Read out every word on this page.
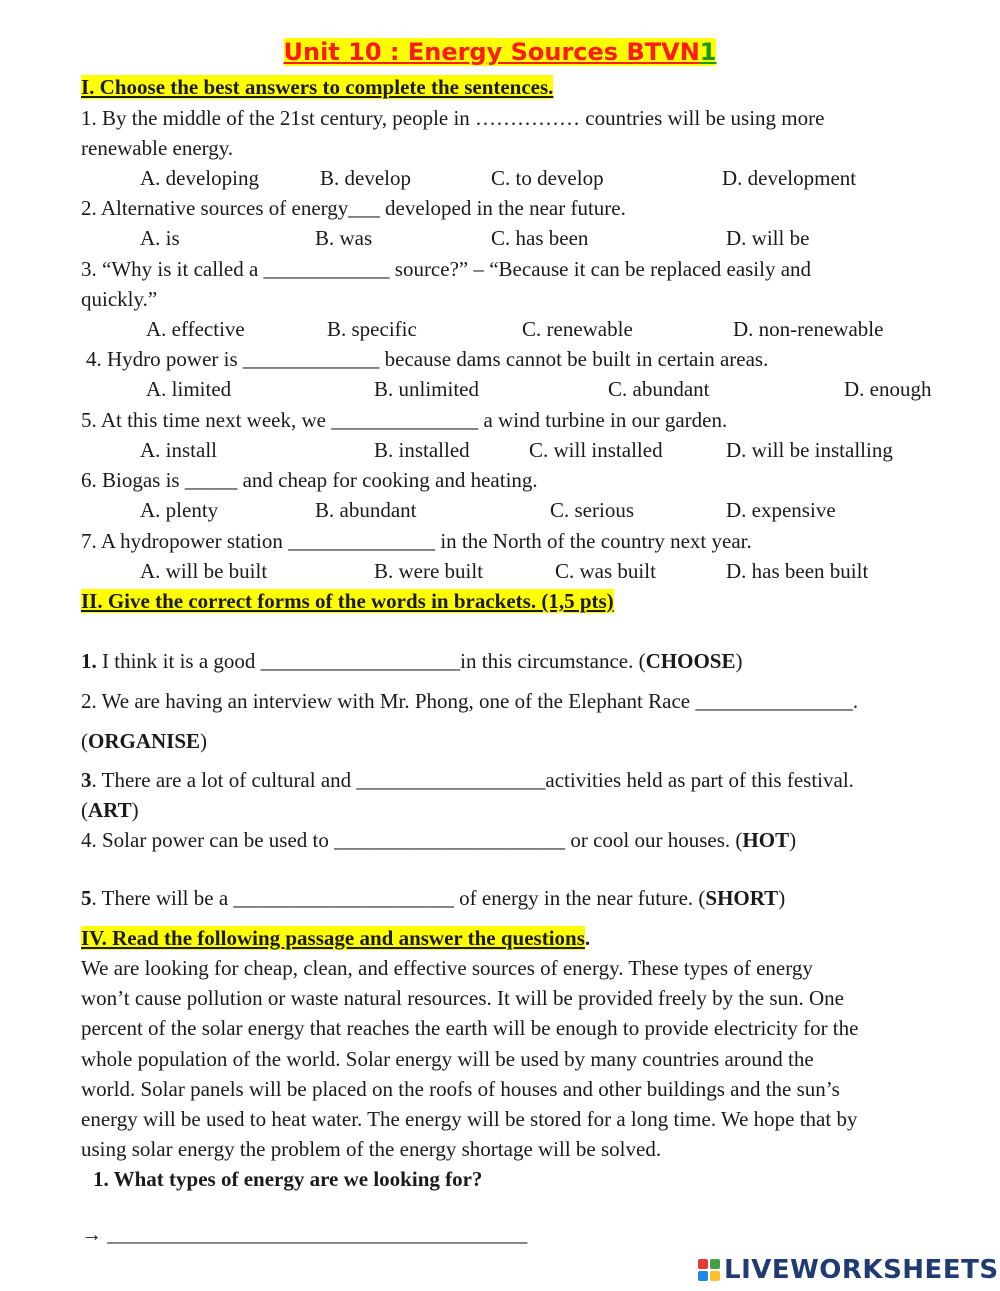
Unit 10 : Energy Sources BTVN1
I. Choose the best answers to complete the sentences.
1. By the middle of the 21st century, people in …………… countries will be using more
renewable energy.
A. developing	B. develop	C. to develop	D. development
2. Alternative sources of energy___ developed in the near future.
A. is	B. was	C. has been	D. will be
3. “Why is it called a ____________ source?” – “Because it can be replaced easily and
quickly.”
A. effective	B. specific	C. renewable	D. non-renewable
4. Hydro power is _____________ because dams cannot be built in certain areas.
A. limited	B. unlimited	C. abundant	D. enough
5. At this time next week, we ______________ a wind turbine in our garden.
A. install	B. installed	C. will installed	D. will be installing
6. Biogas is _____ and cheap for cooking and heating.
A. plenty	B. abundant	C. serious	D. expensive
7. A hydropower station ______________ in the North of the country next year.
A. will be built	B. were built	C. was built	D. has been built
II. Give the correct forms of the words in brackets. (1,5 pts)
1. I think it is a good ___________________in this circumstance. (CHOOSE)
2. We are having an interview with Mr. Phong, one of the Elephant Race _______________.
(ORGANISE)
3. There are a lot of cultural and __________________activities held as part of this festival.
(ART)
4. Solar power can be used to ______________________ or cool our houses. (HOT)
5. There will be a _____________________ of energy in the near future. (SHORT)
IV. Read the following passage and answer the questions.
We are looking for cheap, clean, and effective sources of energy. These types of energy
won’t cause pollution or waste natural resources. It will be provided freely by the sun. One
percent of the solar energy that reaches the earth will be enough to provide electricity for the
whole population of the world. Solar energy will be used by many countries around the
world. Solar panels will be placed on the roofs of houses and other buildings and the sun’s
energy will be used to heat water. The energy will be stored for a long time. We hope that by
using solar energy the problem of the energy shortage will be solved.
1. What types of energy are we looking for?
→ ________________________________________
LIVEWORKSHEETS
